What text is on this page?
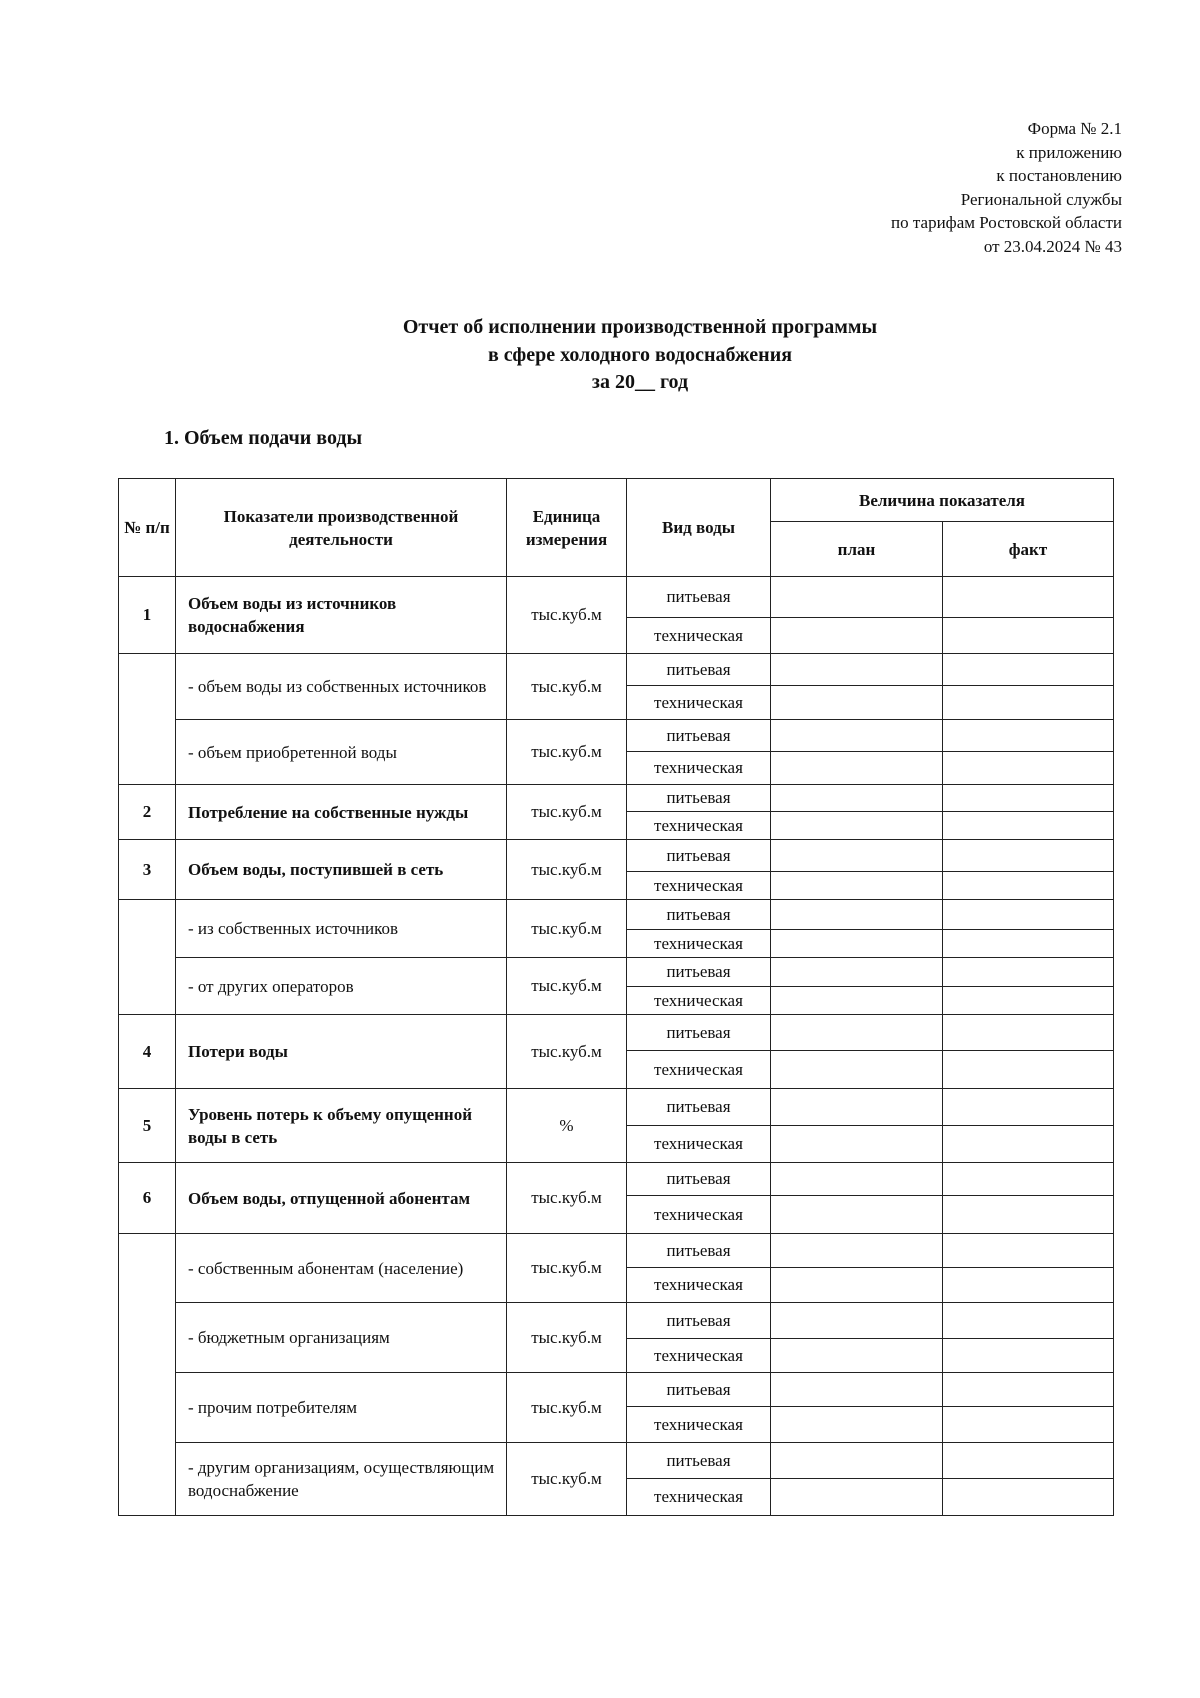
Форма № 2.1
к приложению
к постановлению
Региональной службы
по тарифам Ростовской области
от 23.04.2024 № 43
Отчет об исполнении производственной программы
в сфере холодного водоснабжения
за 20__ год
1. Объем подачи воды
№ п/п	Показатели производственной деятельности	Единица измерения	Вид воды	Величина показателя	
				план	факт
1	Объем воды из источников водоснабжения	тыс.куб.м	питьевая		
			техническая		
	- объем воды из собственных источников	тыс.куб.м	питьевая		
			техническая		
	- объем приобретенной воды	тыс.куб.м	питьевая		
			техническая		
2	Потребление на собственные нужды	тыс.куб.м	питьевая		
			техническая		
3	Объем воды, поступившей в сеть	тыс.куб.м	питьевая		
			техническая		
	- из собственных источников	тыс.куб.м	питьевая		
			техническая		
	- от других операторов	тыс.куб.м	питьевая		
			техническая		
4	Потери воды	тыс.куб.м	питьевая		
			техническая		
5	Уровень потерь к объему опущенной воды в сеть	%	питьевая		
			техническая		
6	Объем воды, отпущенной абонентам	тыс.куб.м	питьевая		
			техническая		
	- собственным абонентам (население)	тыс.куб.м	питьевая		
			техническая		
	- бюджетным организациям	тыс.куб.м	питьевая		
			техническая		
	- прочим потребителям	тыс.куб.м	питьевая		
			техническая		
	- другим организациям, осуществляющим водоснабжение	тыс.куб.м	питьевая		
			техническая		
